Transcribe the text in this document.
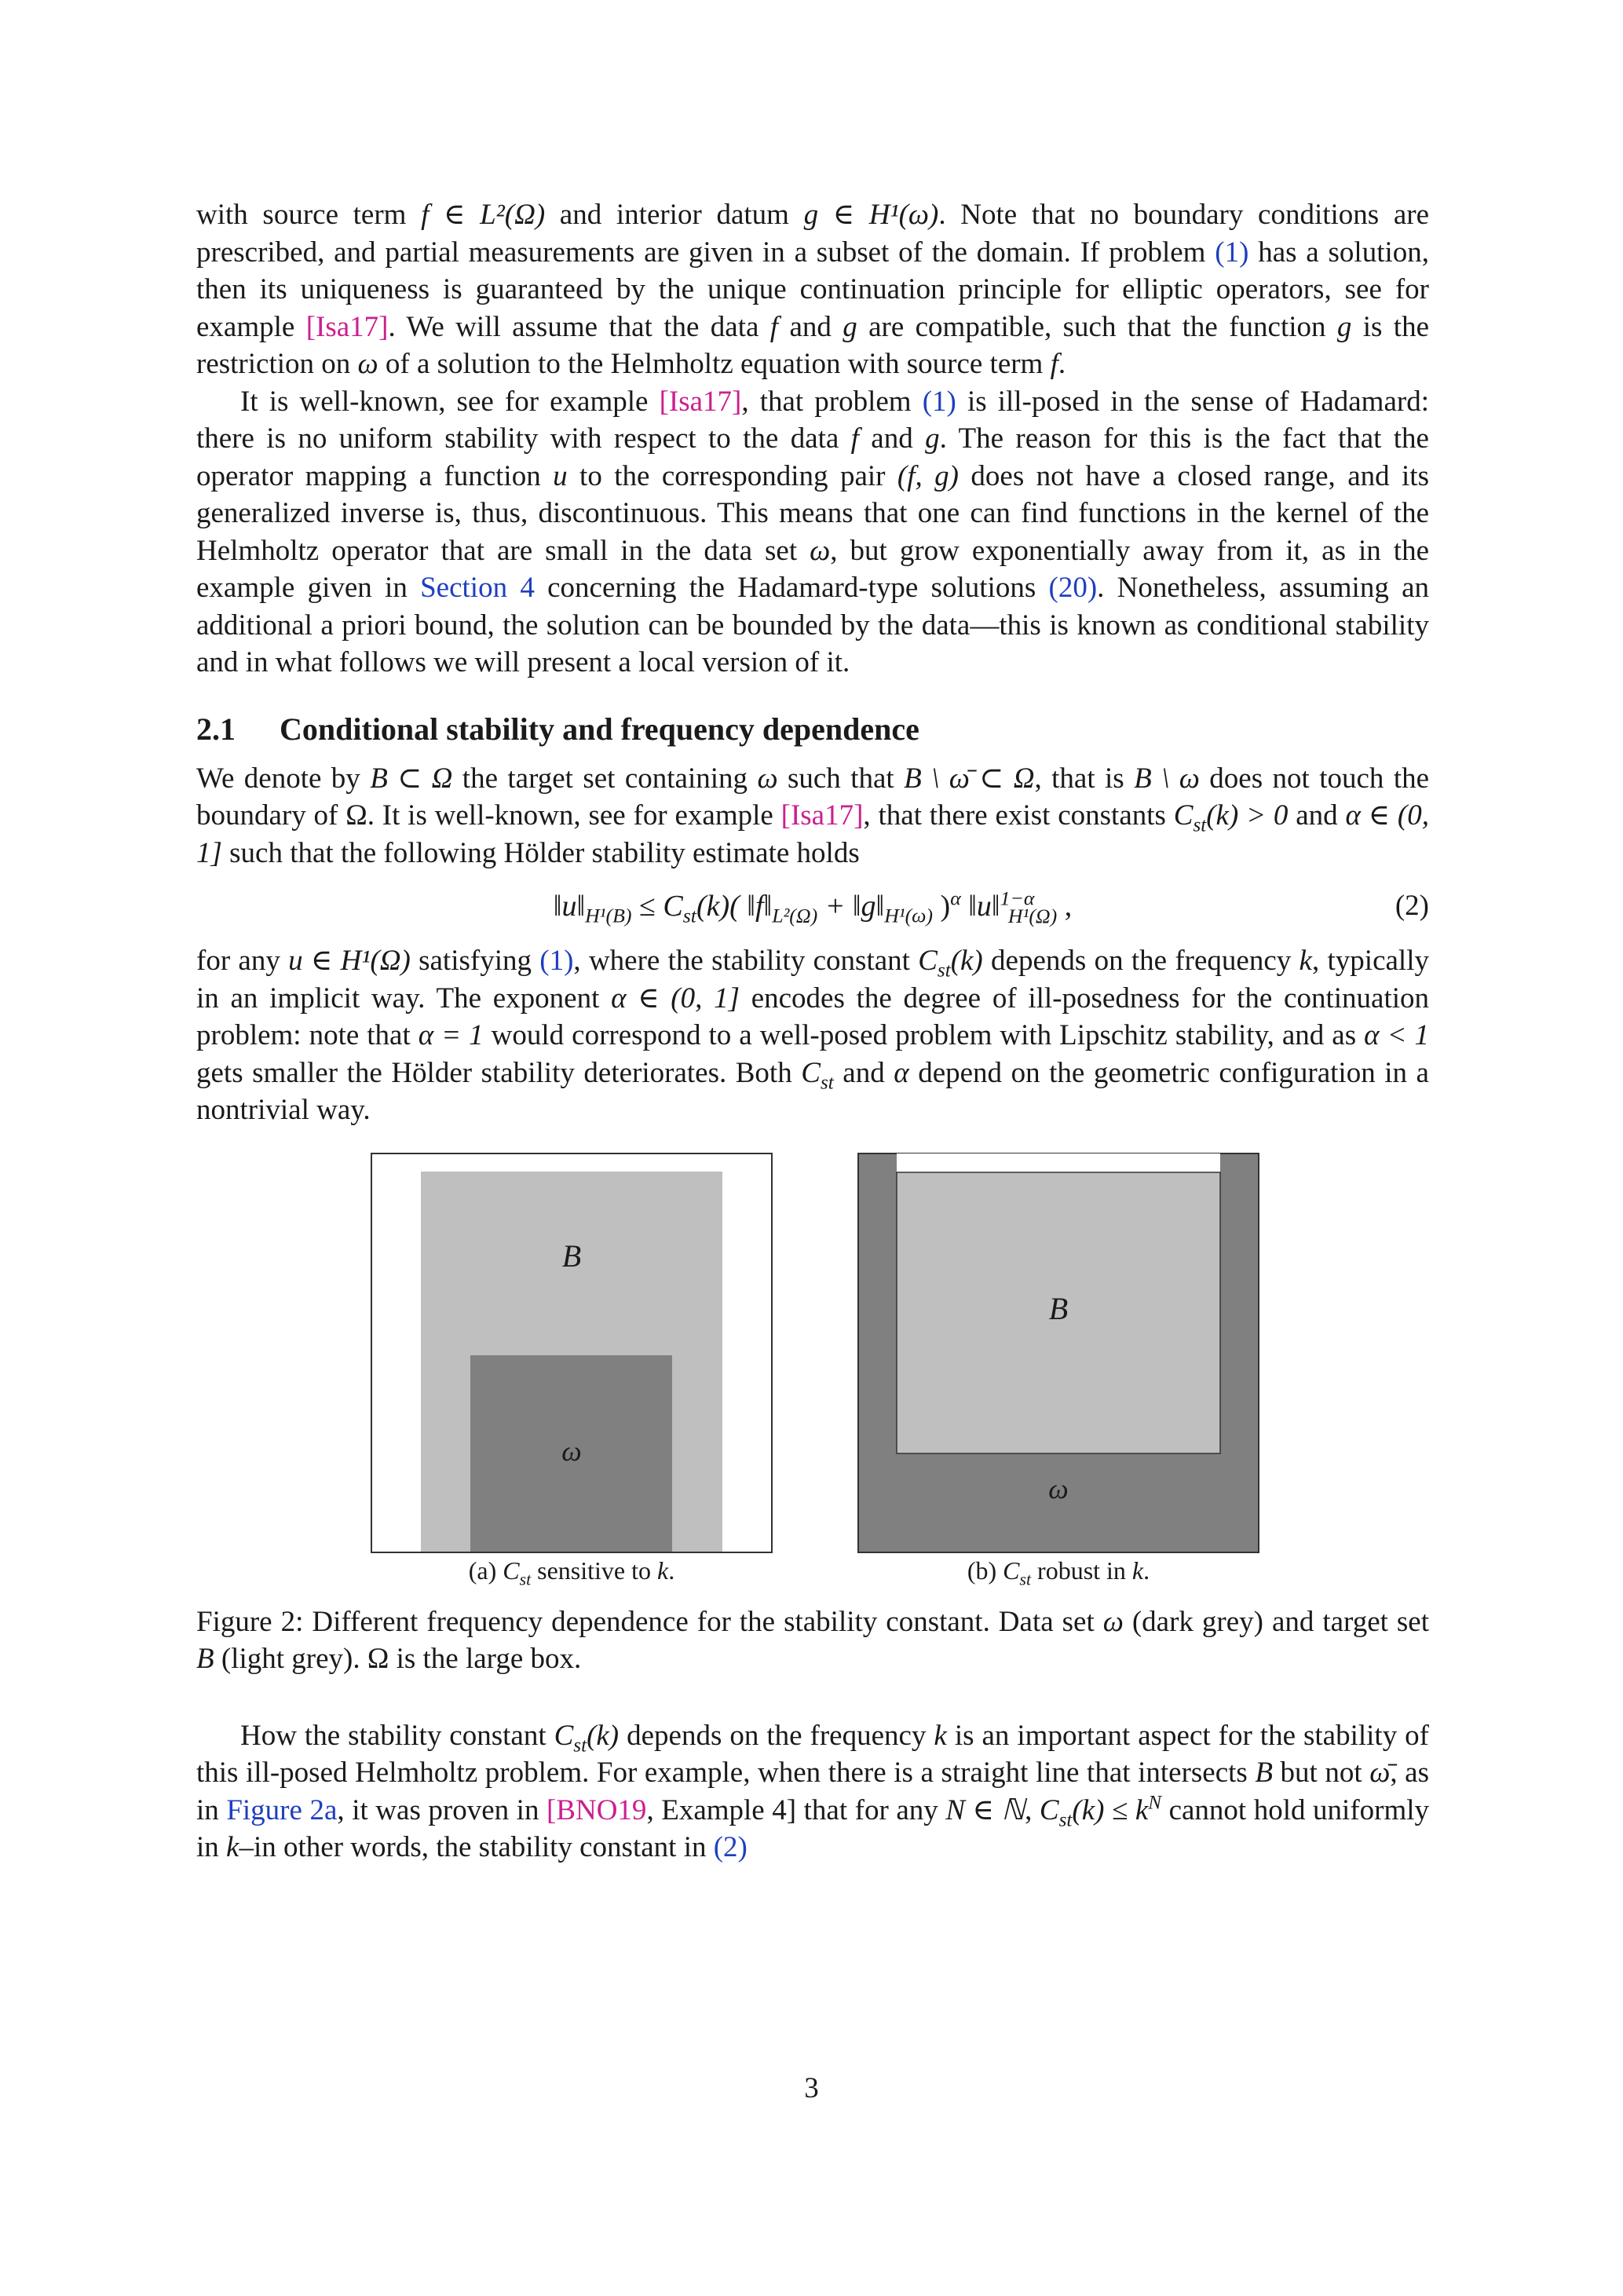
with source term f ∈ L²(Ω) and interior datum g ∈ H¹(ω). Note that no boundary conditions are prescribed, and partial measurements are given in a subset of the domain. If problem (1) has a solution, then its uniqueness is guaranteed by the unique continuation principle for elliptic operators, see for example [Isa17]. We will assume that the data f and g are compatible, such that the function g is the restriction on ω of a solution to the Helmholtz equation with source term f.

It is well-known, see for example [Isa17], that problem (1) is ill-posed in the sense of Hadamard: there is no uniform stability with respect to the data f and g. The reason for this is the fact that the operator mapping a function u to the corresponding pair (f, g) does not have a closed range, and its generalized inverse is, thus, discontinuous. This means that one can find functions in the kernel of the Helmholtz operator that are small in the data set ω, but grow exponentially away from it, as in the example given in Section 4 concerning the Hadamard-type solutions (20). Nonetheless, assuming an additional a priori bound, the solution can be bounded by the data—this is known as conditional stability and in what follows we will present a local version of it.

2.1 Conditional stability and frequency dependence

We denote by B ⊂ Ω the target set containing ω such that B \ ω̄ ⊂ Ω, that is B \ ω does not touch the boundary of Ω. It is well-known, see for example [Isa17], that there exist constants $C_{st}(k) > 0$ and α ∈ (0, 1] such that the following Hölder stability estimate holds

$‖u‖_{H^1(B)} \le C_{st}(k)$( $‖f‖_{L^2(\Omega)}$ + $‖g‖_{H^1(\omega)}$ )$^\alpha$ ‖u‖$^{1-\alpha}_{H^1(\Omega)}$ ,	(2)

for any u ∈ H¹(Ω) satisfying (1), where the stability constant $C_{st}(k)$ depends on the frequency k, typically in an implicit way. The exponent α ∈ (0, 1] encodes the degree of ill-posedness for the continuation problem: note that α = 1 would correspond to a well-posed problem with Lipschitz stability, and as α < 1 gets smaller the Hölder stability deteriorates. Both $C_{st}$ and α depend on the geometric configuration in a nontrivial way.

B
ω
B
ω
(a) $C_{st}$ sensitive to k.	(b) $C_{st}$ robust in k.

Figure 2: Different frequency dependence for the stability constant. Data set ω (dark grey) and target set B (light grey). Ω is the large box.

How the stability constant $C_{st}(k)$ depends on the frequency k is an important aspect for the stability of this ill-posed Helmholtz problem. For example, when there is a straight line that intersects B but not ω̄, as in Figure 2a, it was proven in [BNO19, Example 4] that for any N ∈ ℕ, $C_{st}(k) \le k^N$ cannot hold uniformly in k–in other words, the stability constant in (2)

3
